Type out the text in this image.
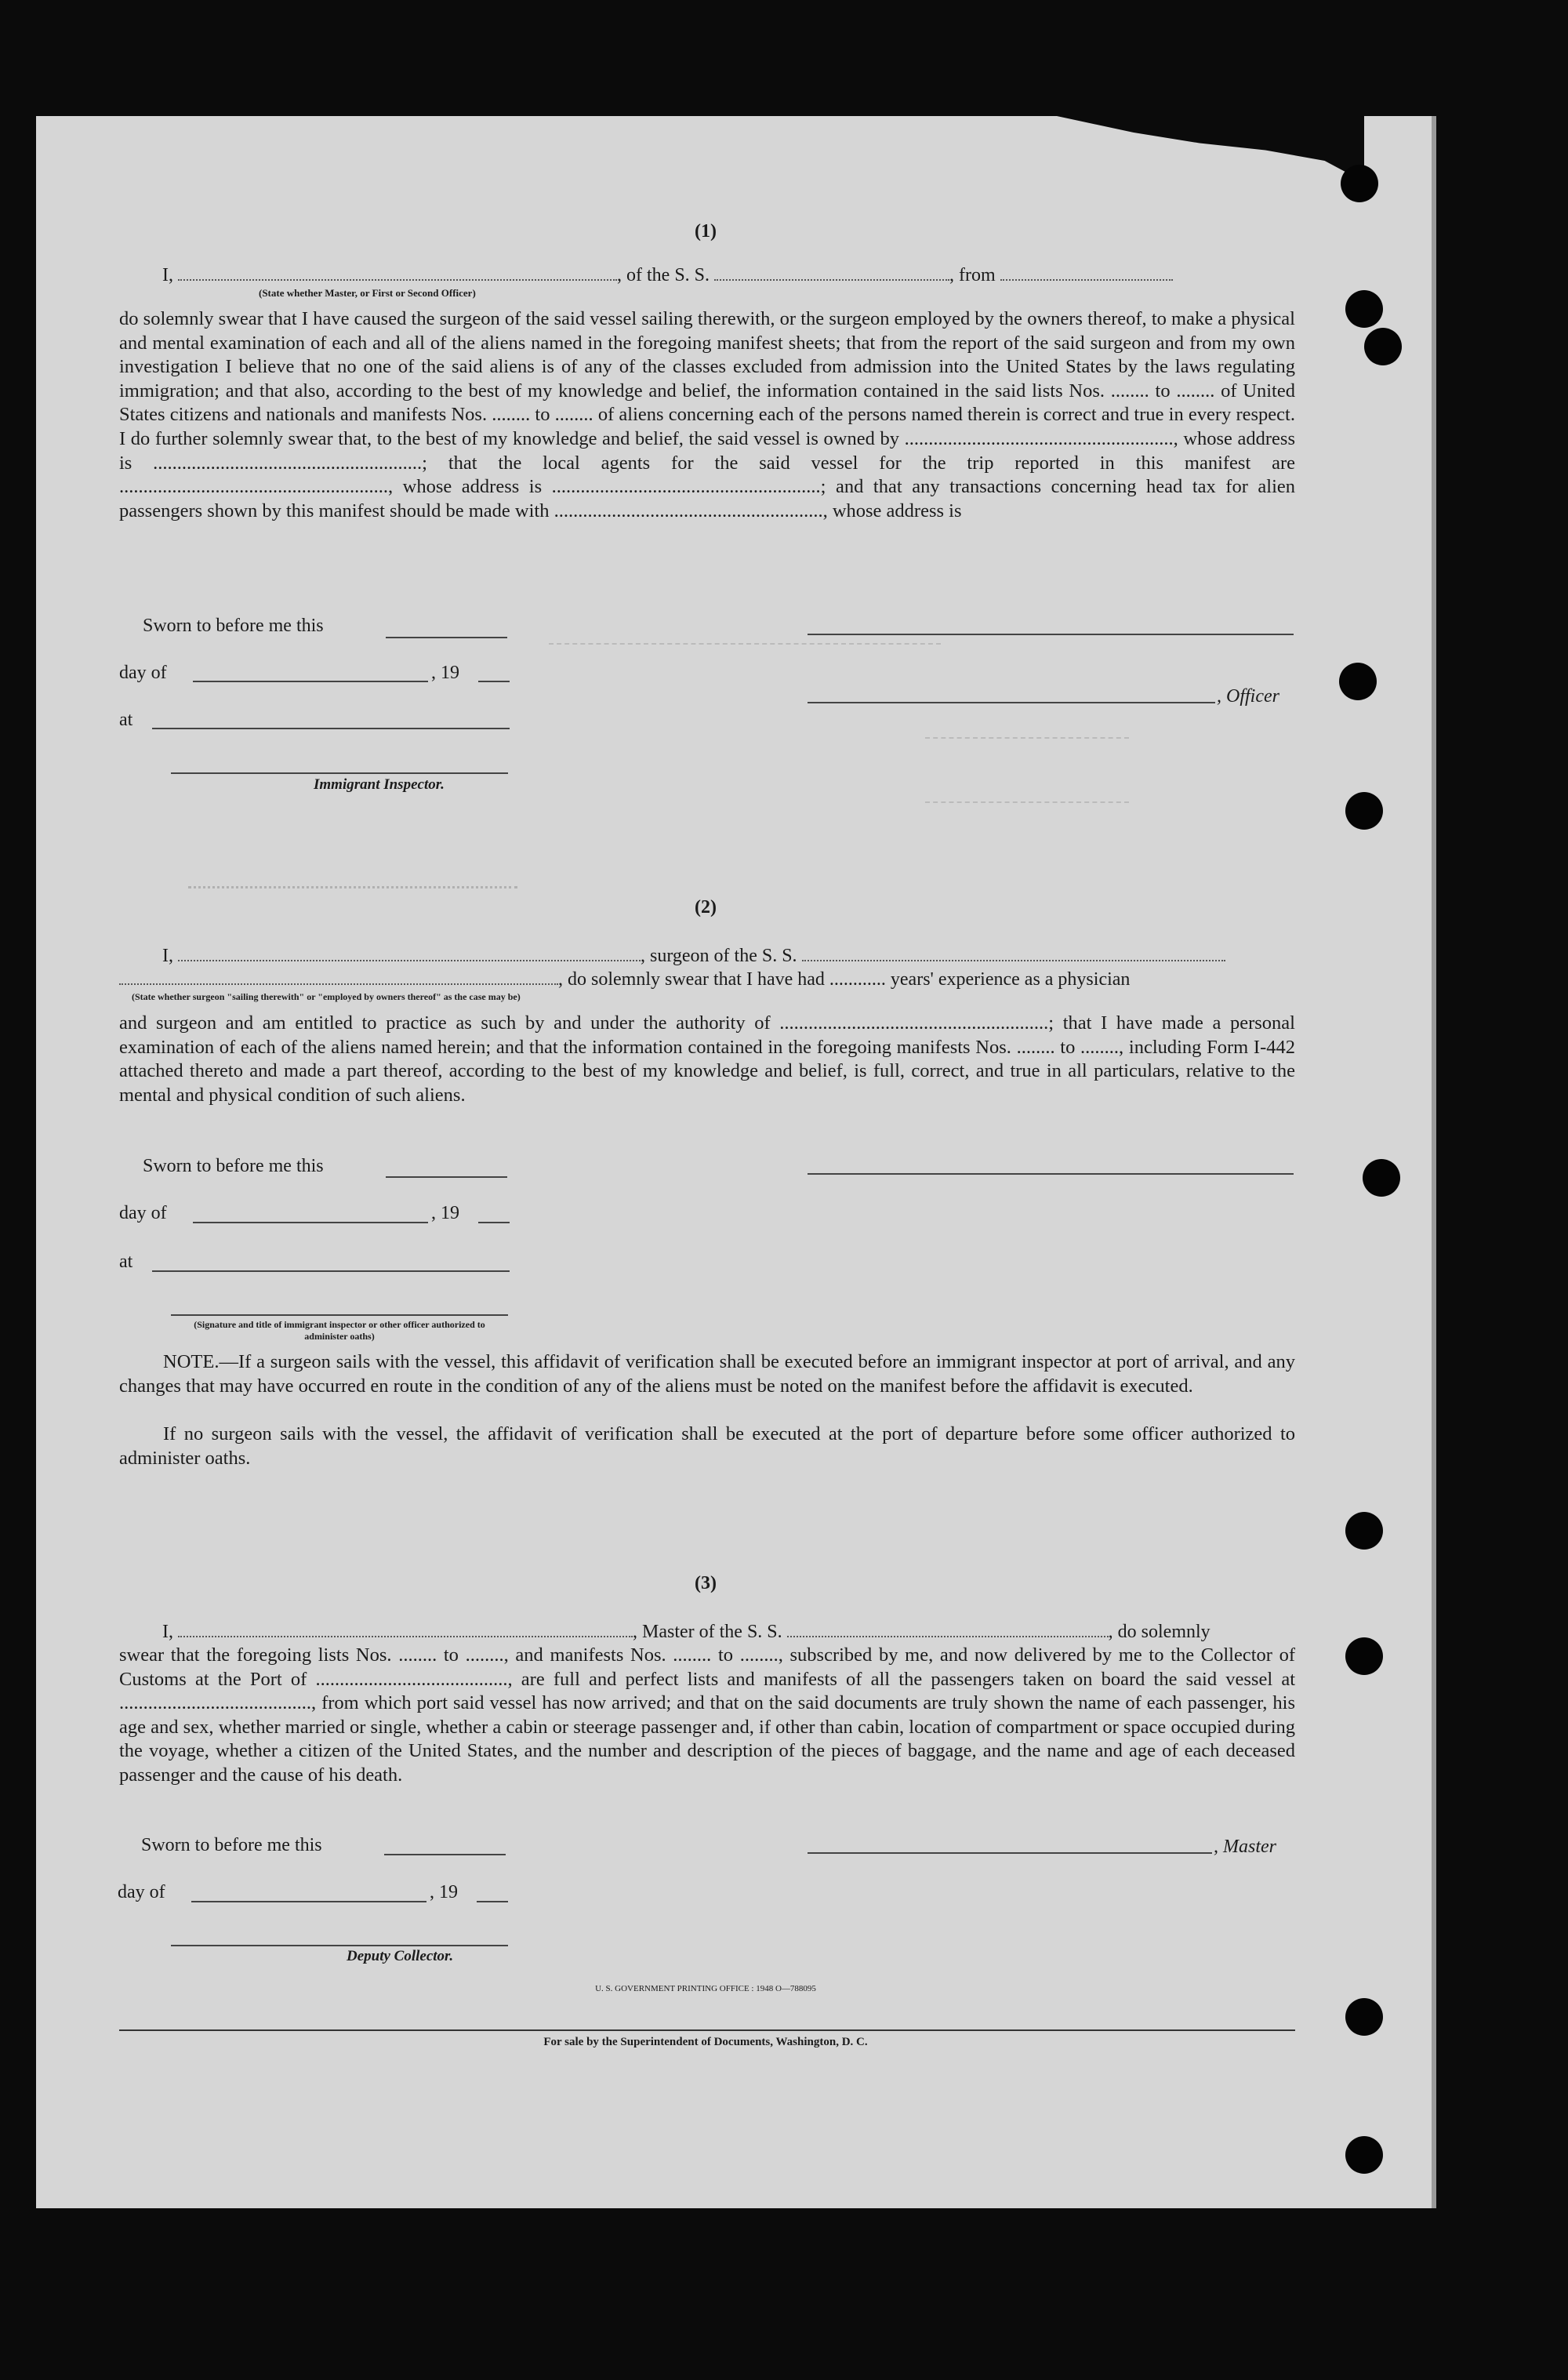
(1)
I,	, of the S. S.	, from
(State whether Master, or First or Second Officer)
do solemnly swear that I have caused the surgeon of the said vessel sailing therewith, or the surgeon employed by the owners thereof, to make a physical and mental examination of each and all of the aliens named in the foregoing manifest sheets; that from the report of the said surgeon and from my own investigation I believe that no one of the said aliens is of any of the classes excluded from admission into the United States by the laws regulating immigration; and that also, according to the best of my knowledge and belief, the information contained in the said lists Nos. ........ to ........ of United States citizens and nationals and manifests Nos. ........ to ........ of aliens concerning each of the persons named therein is correct and true in every respect. I do further solemnly swear that, to the best of my knowledge and belief, the said vessel is owned by ........................................................, whose address is ........................................................; that the local agents for the said vessel for the trip reported in this manifest are ........................................................, whose address is ........................................................; and that any transactions concerning head tax for alien passengers shown by this manifest should be made with ........................................................, whose address is
Sworn to before me this
day of	, 19
, Officer
at
Immigrant Inspector.
(2)
I,	, surgeon of the S. S.
, do solemnly swear that I have had ............ years' experience as a physician
(State whether surgeon "sailing therewith" or "employed by owners thereof" as the case may be)
and surgeon and am entitled to practice as such by and under the authority of ........................................................; that I have made a personal examination of each of the aliens named herein; and that the information contained in the foregoing manifests Nos. ........ to ........, including Form I-442 attached thereto and made a part thereof, according to the best of my knowledge and belief, is full, correct, and true in all particulars, relative to the mental and physical condition of such aliens.
Sworn to before me this
day of	, 19
at
(Signature and title of immigrant inspector or other officer authorized to administer oaths)
NOTE.—If a surgeon sails with the vessel, this affidavit of verification shall be executed before an immigrant inspector at port of arrival, and any changes that may have occurred en route in the condition of any of the aliens must be noted on the manifest before the affidavit is executed.
If no surgeon sails with the vessel, the affidavit of verification shall be executed at the port of departure before some officer authorized to administer oaths.
(3)
I,	, Master of the S. S.	, do solemnly
swear that the foregoing lists Nos. ........ to ........, and manifests Nos. ........ to ........, subscribed by me, and now delivered by me to the Collector of Customs at the Port of ........................................, are full and perfect lists and manifests of all the passengers taken on board the said vessel at ........................................, from which port said vessel has now arrived; and that on the said documents are truly shown the name of each passenger, his age and sex, whether married or single, whether a cabin or steerage passenger and, if other than cabin, location of compartment or space occupied during the voyage, whether a citizen of the United States, and the number and description of the pieces of baggage, and the name and age of each deceased passenger and the cause of his death.
Sworn to before me this	, Master
day of	, 19
Deputy Collector.
U. S. GOVERNMENT PRINTING OFFICE : 1948 O—788095
For sale by the Superintendent of Documents, Washington, D. C.
